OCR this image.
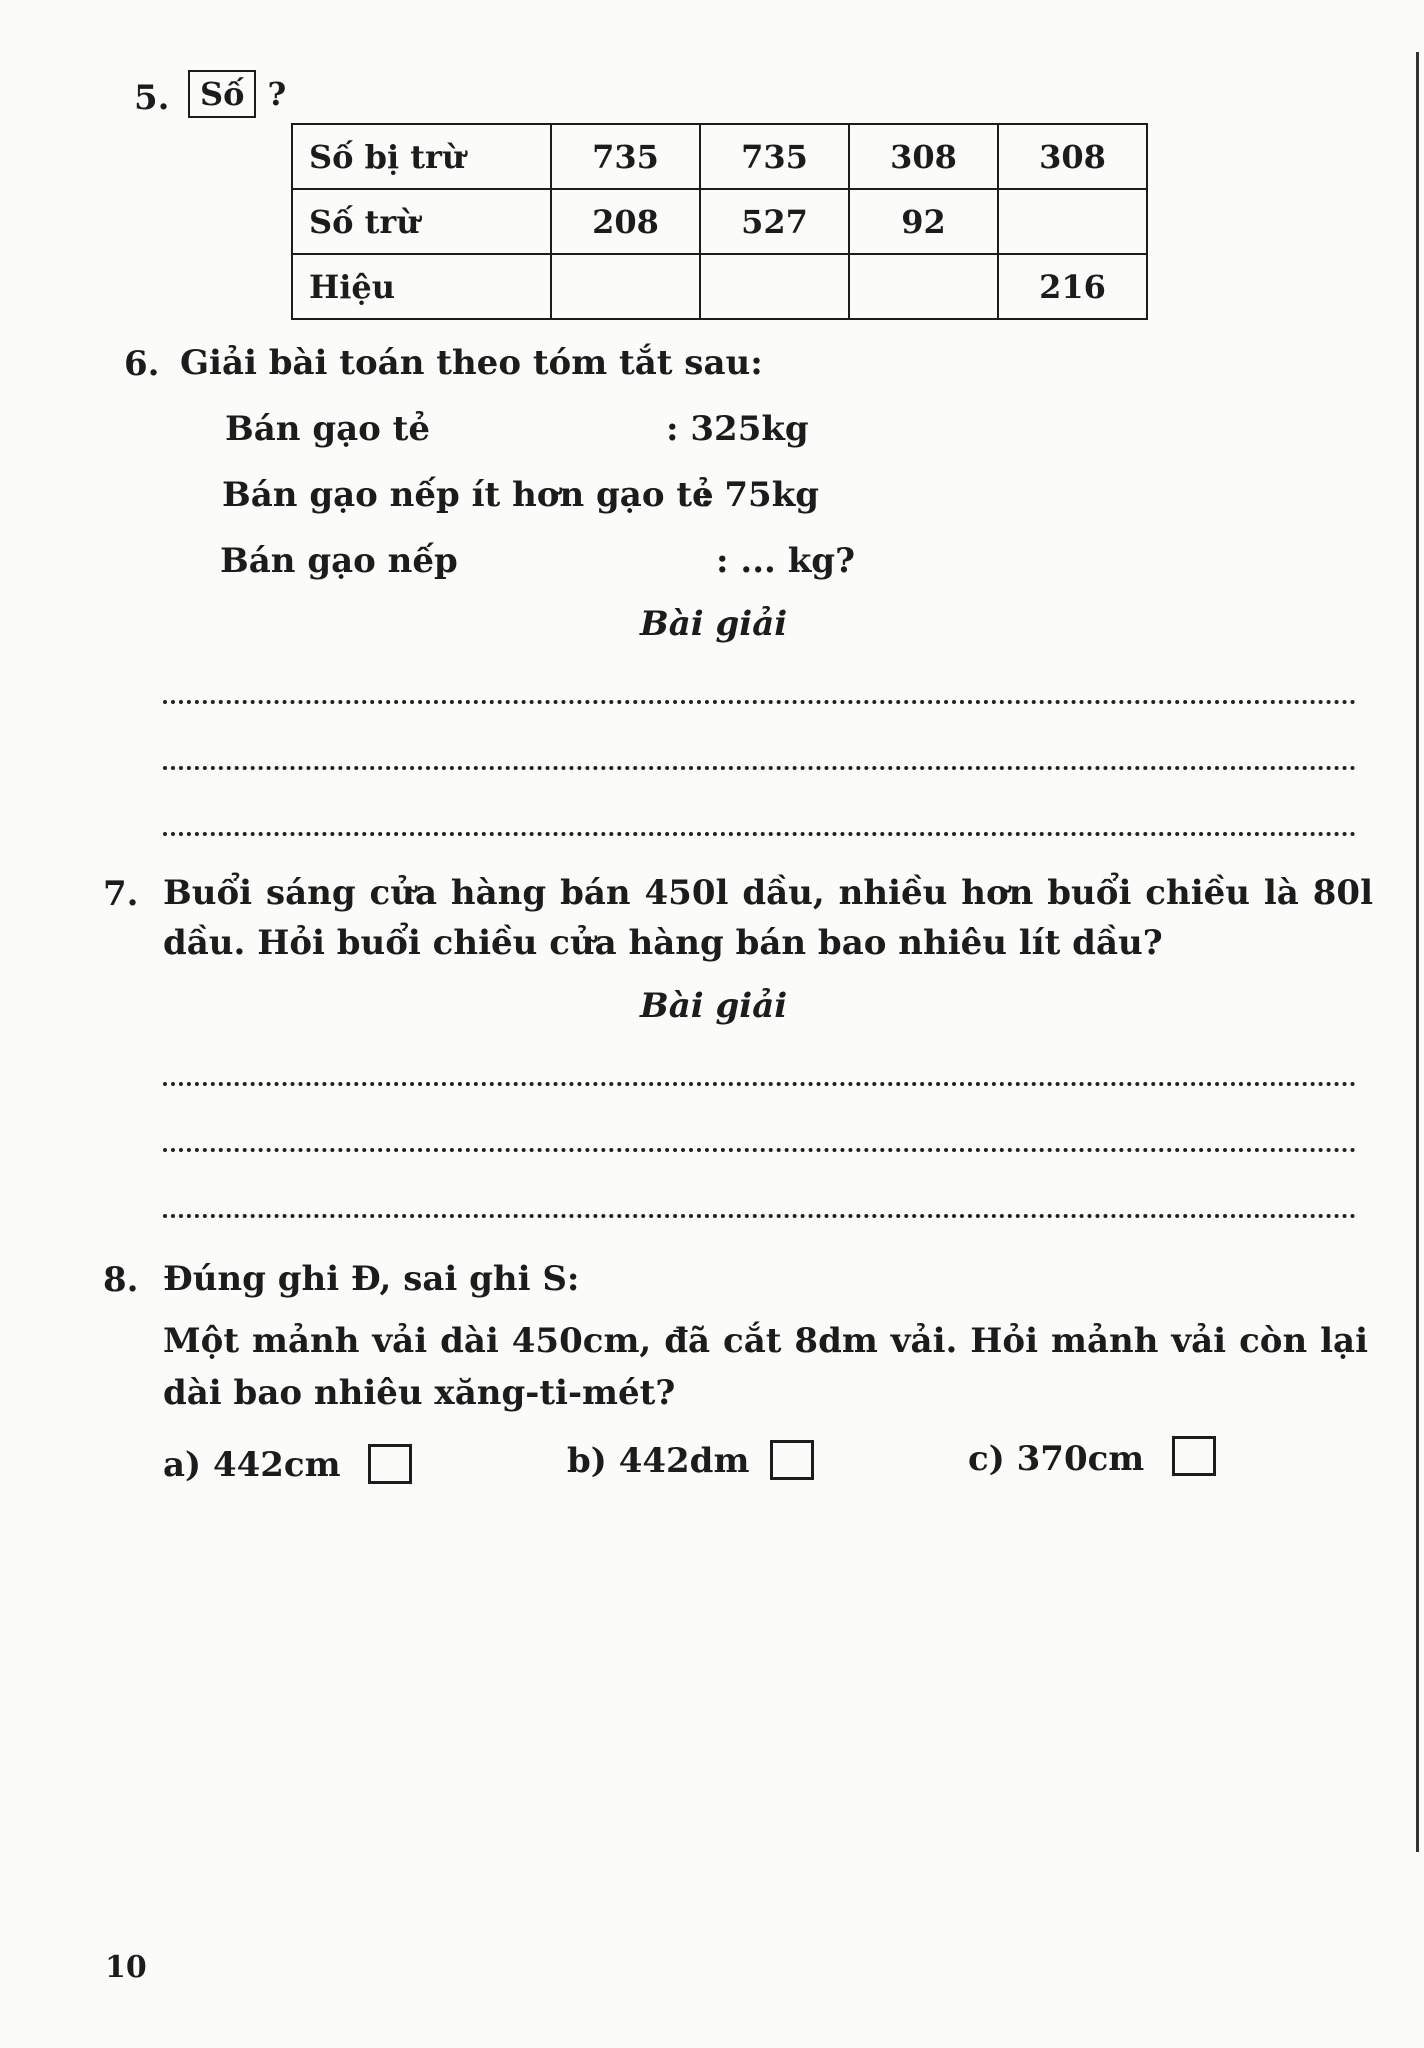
5. Số ?
Số bị trừ	735	735	308	308
Số trừ	208	527	92	
Hiệu				216
6. Giải bài toán theo tóm tắt sau:
Bán gạo tẻ	: 325kg
Bán gạo nếp ít hơn gạo tẻ
: 75kg
Bán gạo nếp	: ... kg?
Bài giải
7. Buổi sáng cửa hàng bán 450l dầu, nhiều hơn buổi chiều là 80l
dầu. Hỏi buổi chiều cửa hàng bán bao nhiêu lít dầu?
Bài giải
8. Đúng ghi Đ, sai ghi S:
Một mảnh vải dài 450cm, đã cắt 8dm vải. Hỏi mảnh vải còn lại
dài bao nhiêu xăng-ti-mét?
a) 442cm	b) 442dm	c) 370cm
10
